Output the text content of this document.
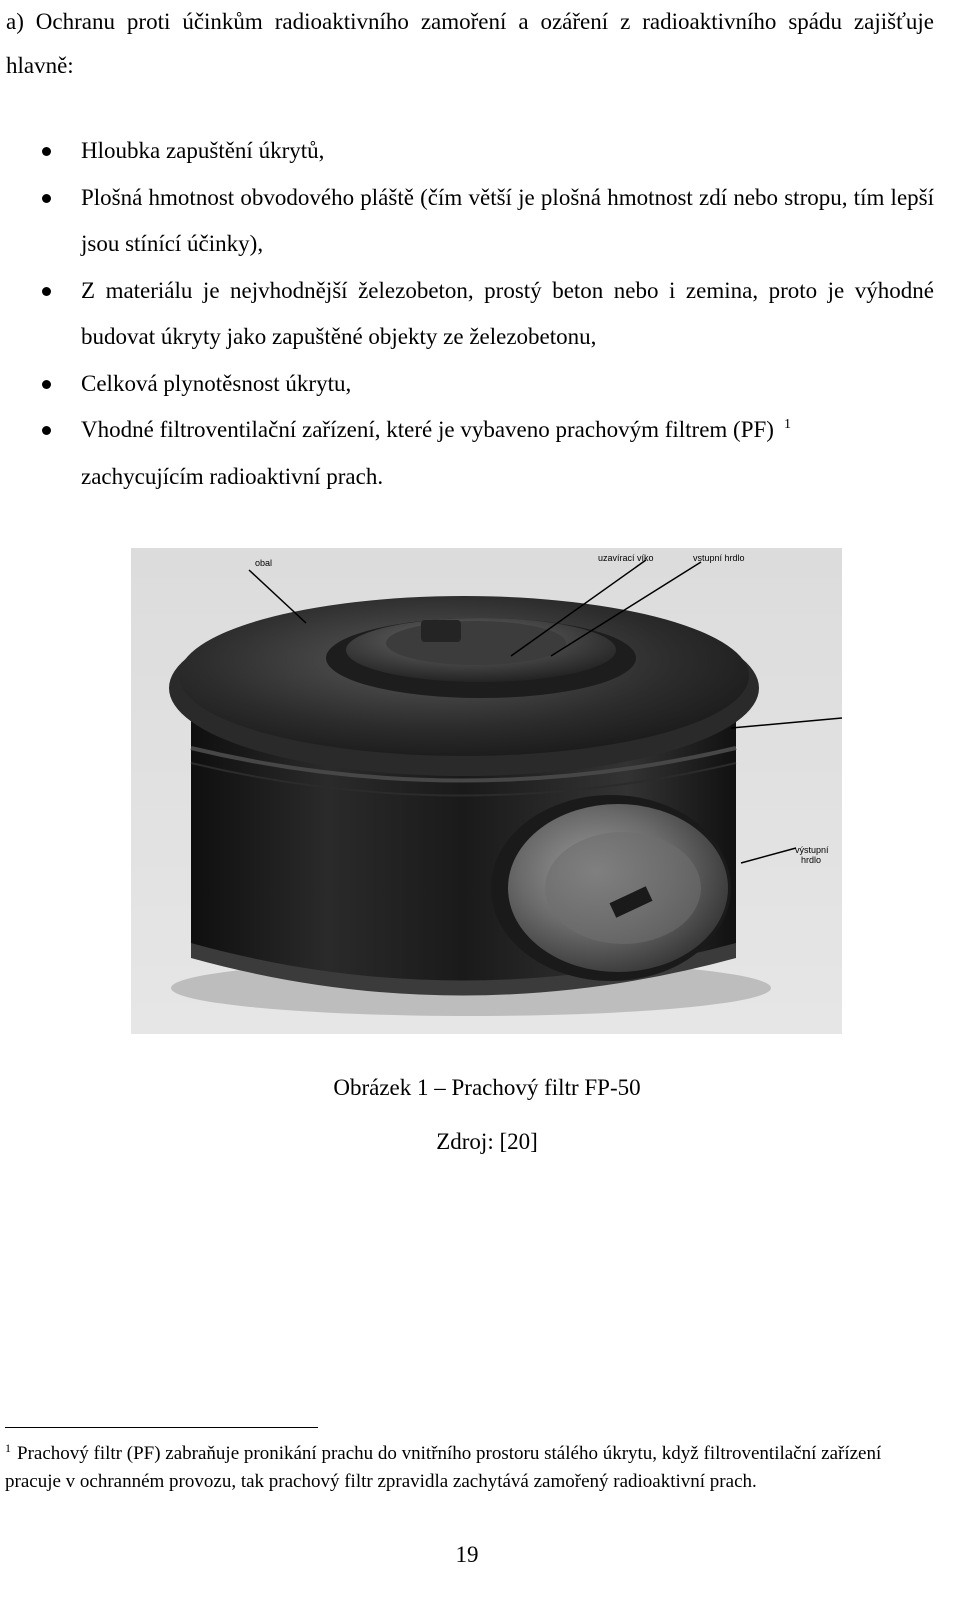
a) Ochranu proti účinkům radioaktivního zamoření a ozáření z radioaktivního spádu zajišťuje hlavně:
Hloubka zapuštění úkrytů,
Plošná hmotnost obvodového pláště (čím větší je plošná hmotnost zdí nebo stropu, tím lepší jsou stínící účinky),
Z materiálu je nejvhodnější železobeton, prostý beton nebo i zemina, proto je výhodné budovat úkryty jako zapuštěné objekty ze železobetonu,
Celková plynotěsnost úkrytu,
Vhodné filtroventilační zařízení, které je vybaveno prachovým filtrem (PF) $^1$
zachycujícím radioaktivní prach.
obal	uzavírací víko	vstupní hrdlo
výstupní
hrdlo
Obrázek 1 – Prachový filtr FP-50
Zdroj: [20]
$^1$ Prachový filtr (PF) zabraňuje pronikání prachu do vnitřního prostoru stálého úkrytu, když filtroventilační zařízení pracuje v ochranném provozu, tak prachový filtr zpravidla zachytává zamořený radioaktivní prach.
19
